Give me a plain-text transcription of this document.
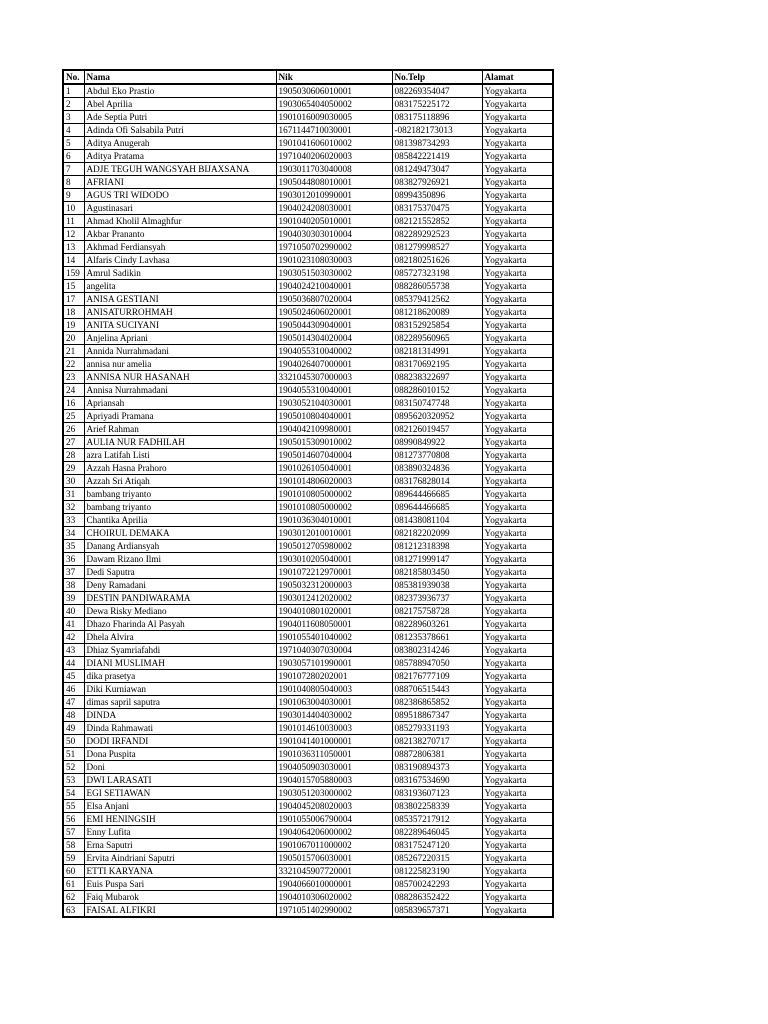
No.	Nama	Nik	No.Telp	Alamat
1	Abdul Eko Prastio	1905030606010001	082269354047	Yogyakarta
2	Abel Aprilia	1903065404050002	083175225172	Yogyakarta
3	Ade Septia Putri	1901016009030005	083175118896	Yogyakarta
4	Adinda Ofi Salsabila Putri	1671144710030001	-082182173013	Yogyakarta
5	Aditya Anugerah	1901041606010002	081398734293	Yogyakarta
6	Aditya Pratama	1971040206020003	085842221419	Yogyakarta
7	ADJE TEGUH WANGSYAH BIJAXSANA	1903011703040008	081249473047	Yogyakarta
8	AFRIANI	1905044808010001	083827926921	Yogyakarta
9	AGUS TRI WIDODO	1903012010990001	08994350896	Yogyakarta
10	Agustinasari	1904024208030001	083175370475	Yogyakarta
11	Ahmad Kholil Almaghfur	1901040205010001	082121552852	Yogyakarta
12	Akbar Prananto	1904030303010004	082289292523	Yogyakarta
13	Akhmad Ferdiansyah	1971050702990002	081279998527	Yogyakarta
14	Alfaris Cindy Lavhasa	1901023108030003	082180251626	Yogyakarta
159	Amrul Sadikin	1903051503030002	085727323198	Yogyakarta
15	angelita	1904024210040001	088286055738	Yogyakarta
17	ANISA GESTIANI	1905036807020004	085379412562	Yogyakarta
18	ANISATURROHMAH	1905024606020001	081218620089	Yogyakarta
19	ANITA SUCIYANI	1905044309040001	083152925854	Yogyakarta
20	Anjelina Apriani	1905014304020004	082289560965	Yogyakarta
21	Annida Nurrahmadani	1904055310040002	082181314991	Yogyakarta
22	annisa nur amelia	1904026407000001	083170692195	Yogyakarta
23	ANNISA NUR HASANAH	3321045307000003	088238322697	Yogyakarta
24	Annisa Nurrahmadani	1904055310040001	088286010152	Yogyakarta
16	Apriansah	1903052104030001	083150747748	Yogyakarta
25	Apriyadi Pramana	1905010804040001	0895620320952	Yogyakarta
26	Arief Rahman	1904042109980001	082126019457	Yogyakarta
27	AULIA NUR FADHILAH	1905015309010002	08990849922	Yogyakarta
28	azra Latifah Listi	1905014607040004	081273770808	Yogyakarta
29	Azzah Hasna Prahoro	1901026105040001	083890324836	Yogyakarta
30	Azzah Sri Atiqah	1901014806020003	083176828014	Yogyakarta
31	bambang triyanto	1901010805000002	089644466685	Yogyakarta
32	bambang triyanto	1901010805000002	089644466685	Yogyakarta
33	Chantika Aprilia	1901036304010001	081438081104	Yogyakarta
34	CHOIRUL DEMAKA	1903012010010001	082182202099	Yogyakarta
35	Danang Ardiansyah	1905012705980002	081212318398	Yogyakarta
36	Dawam Rizano Ilmi	1903010205040001	081271999147	Yogyakarta
37	Dedi Saputra	1901072212970001	082185803450	Yogyakarta
38	Deny Ramadani	1905032312000003	085381939038	Yogyakarta
39	DESTIN PANDIWARAMA	1903012412020002	082373936737	Yogyakarta
40	Dewa Risky Mediano	1904010801020001	082175758728	Yogyakarta
41	Dhazo Fharinda Al Pasyah	1904011608050001	082289603261	Yogyakarta
42	Dhela Alvira	1901055401040002	081235378661	Yogyakarta
43	Dhiaz Syamriafahdi	1971040307030004	083802314246	Yogyakarta
44	DIANI MUSLIMAH	1903057101990001	085788947050	Yogyakarta
45	dika prasetya	190107280202001	082176777109	Yogyakarta
46	Diki Kurniawan	1901040805040003	088706515443	Yogyakarta
47	dimas sapril saputra	1901063004030001	082386865852	Yogyakarta
48	DINDA	1903014404030002	089518867347	Yogyakarta
49	Dinda Rahmawati	1901014610030003	085279331193	Yogyakarta
50	DODI IRFANDI	1901041401000001	082138270717	Yogyakarta
51	Dona Puspita	1901036311050001	08872806381	Yogyakarta
52	Doni	1904050903030001	083190894373	Yogyakarta
53	DWI LARASATI	1904015705880003	083167534690	Yogyakarta
54	EGI SETIAWAN	1903051203000002	083193607123	Yogyakarta
55	Elsa Anjani	1904045208020003	083802258339	Yogyakarta
56	EMI HENINGSIH	1901055006790004	085357217912	Yogyakarta
57	Enny Lufita	1904064206000002	082289646045	Yogyakarta
58	Erna Saputri	1901067011000002	083175247120	Yogyakarta
59	Ervita Aindriani Saputri	1905015706030001	085267220315	Yogyakarta
60	ETTI KARYANA	3321045907720001	081225823190	Yogyakarta
61	Euis Puspa Sari	1904066010000001	085700242293	Yogyakarta
62	Faiq Mubarok	1904010306020002	088286352422	Yogyakarta
63	FAISAL ALFIKRI	1971051402990002	085839657371	Yogyakarta
